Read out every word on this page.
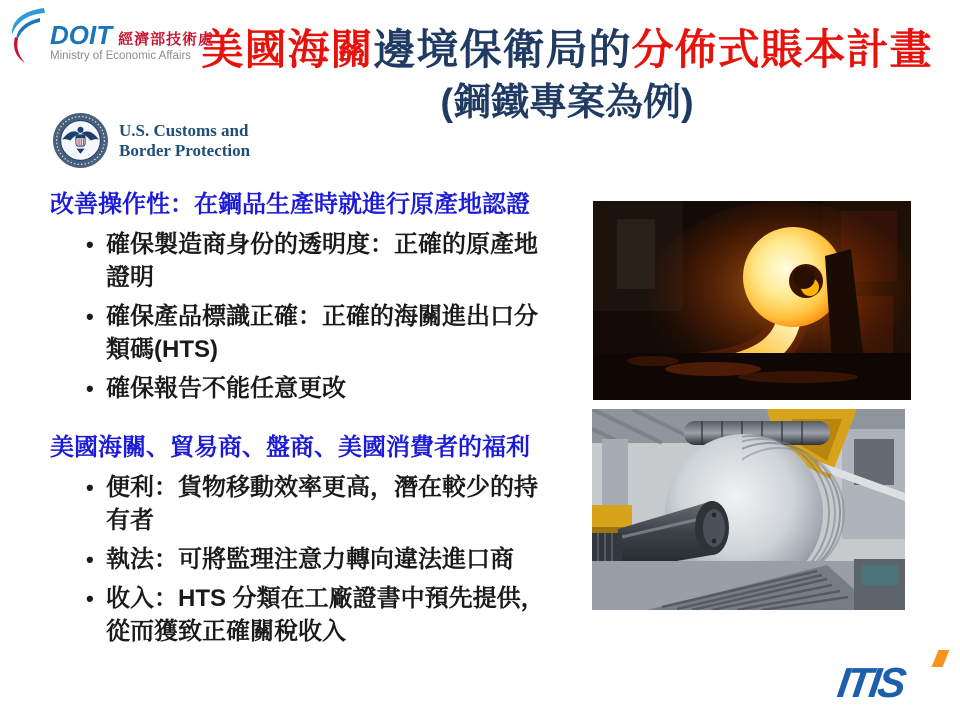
DOIT 經濟部技術處
Ministry of Economic Affairs 美國海關邊境保衛局的分佈式賬本計畫
(鋼鐵專案為例)
U.S. Customs and
Border Protection
改善操作性：在鋼品生產時就進行原產地認證
• 確保製造商身份的透明度：正確的原產地證明
• 確保產品標識正確：正確的海關進出口分類碼(HTS)
• 確保報告不能任意更改
美國海關、貿易商、盤商、美國消費者的福利
• 便利：貨物移動效率更高，潛在較少的持有者
• 執法：可將監理注意力轉向違法進口商
• 收入：HTS 分類在工廠證書中預先提供，從而獲致正確關稅收入
ITIS
